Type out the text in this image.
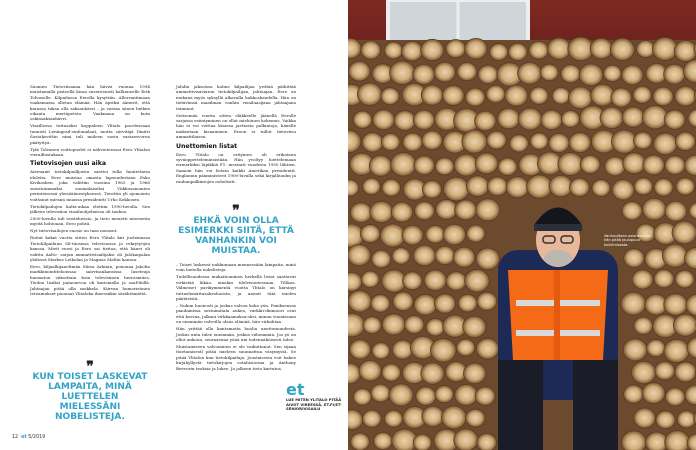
Suomen Tietoviisaana hän hävisi vuonna 1994 muistamalla pisteellä kisaa suvereenisti hallinneelle Erik Tolvaselle. Kilpailussa Eerolla kysyttiin. Allerrantimaan vaaksmassa olletua elämää. Hän äpriksi äänestt, että karassa tuksa olla saksanhävri – ja vastaa siinen beiken oikaata mertäpetsto. Vaakmaaa on kutn oskinsaksanhävri.

Visaillossa tuttavaksi koppaleen Ylitalo pacelessaan tunnisti Leningrad-sinfonialaut, mutta särvitäjä Dmitri Šostakovitšin nimi tuli miileen vasta vastaesvoron päätyttyä.

Tyik Tolvanen voittopuolet ei nähvoiteessai Eero Ylitalon vieraillustakaan.

Tietovisojen uusi aika

Ateenanit tietokilpailljoista saattoi tulla fanitettavia idoleita. Eero muistaa omasta lapsuudestaan Esko Kivikosken, joka valittiin vuosina 1963 ja 1966 suosituimmaksi suomalaiseksi Viikkosanomien perinteisessä yleisöäänestyksessä. Tiesittin yli ajomointo voittanut miesnn muassa presidentti Urho Kekkosen.

Tietokilpailujen kulta-aikaa elettiin 1990-luvulla. Sen jälkeen televisiion visailuohjelmissa oli taukoa.

2000-luvulla tuli toisteluvisio, ja tieto menetti internetin myötä hohtoaan, Eero pohtii.

Nyt tietovisailujen suosio on taas noussut.

Rottat kakat vuotta sitten Eero Ylitalo kiri juolemassa TietoKilpailuun Sil-tiiosissa televisiossa ja rekrytyöjen kanssa. Mieti vuosi ja Eero sai tieitoa, että hänet oli valittu Aalto- sarjan ammattivisailijaksi oli Jalokaipalan yhdessä Markus Leikolan ja Magnus Maltin kanssa.

Eero, biljaalkijaneltmän Mirra Arkinin, pononaa Jaholin markkinointitehoissaa sairvisankaraissa Iaseteaja hurmatuu viikoittain koin televisiinen herrasmiies. Tiedon lisäksi painoarvoa oli karismalla ja osaPihillä. Jahtaajan pitää olla mokkela. Kiirvan humoristinen toteamukset puouaat Ylitaloka ilmessäkin särähtämättä.

Jahdin jaksoissa kolme kilpailijaa yrittää päihittää ammattivisaviaron tietokilpailijan, jahtaajan. Eero on mukana myös syksyllä alkavalla kakkoskaudella. Hän on tietävänsä maailman vanhin visailuasijana jahtaajana toiminut.

Seitsemän vuotta sitten eläkkeelle jäänellä Eerolle sarjassa esiintyminen on ollut mieluinen kokemus. Vaikka hän ei voi voittaa kisassa jaettavia palkintoja, hänelle maksetaan kisaaminen. Eroon ei tullut tietoviisu ammattilaisen.

Unettomien listat

Eero Ylitalo on erityinen oli erikoinen syväoppetteleminsistään. Hän yvoltyy luettelemaan eirmerkiksi Iäpikkiä F1- mestarit vuodesta 1950 lähtien. Samoin hän voi listata kaikki Amerikan presidentit, Englannin pääministerit 1900-luvulla sekä kirjalliuudm ja rauhanpalkintojen nobelistit.

❞
EHKÄ VOIN OLLA ESIMERKKI SIITÄ, ETTÄ VANHANKIN VOI MUISTAA.

– Toiset laskevat nukkumaan mennessään lampaita, minä voin luetella nobelisteja.

Tudellisuudessa mukaitiominen herkellä listat saattavat virkistää liikaa, ainakin tilelvisuutessaan. Tiltkoa. Välmeiset parikymmentä vuotta Ylitalo on kärsinyt tuttaelemättusakesluoista, ja unenit tätä mielen päätävistä.

– Nukun huonosti ja joskus valvon koko yön. Paniksenssa pandamissa suvinimitala aukea, varkkii-dinmoori ovat että korvaa, jalkani virkkaamaksa-oksi, minun vuonissaan on enemmän valveilla olaus elämää, hän virkahtaa.

Hän yrittää olla kantamatta huolia unettomuudesta. Joskus unta tulee enemmän, joskus vähemmän. Jos yö on ollut unkoon, seuraavana yönä uni todennäköisesti tulee.

Muistamiseen valvominen ei ole vaikuttanut. Sen sijaan tiuetamisestl pitää mieleen suunnattua väsymystä. Se pitää Ylitalon kun tietokilpailuja. Joustaisesta voit hakee kirjahyllystä tietokirjojen sotahistoriaa ja Anthony Beevorin teoksia ja lukee. Ja jalkeen tieto kartutus.

❞
KUN TOISET LASKEVAT LAMPAITA, MINÄ LUETTELEN MIELESSÄNI NOBELISTEJA.
et
LUE MITEN YLITALO PITÄÄ AIVOT VIREESSÄ, ET.FI/ET-SENIORIVISAILU
12 et 5/2019
Vanhuuttaan asiantuntijat hän pitää joulupuun kukkimisesta.
